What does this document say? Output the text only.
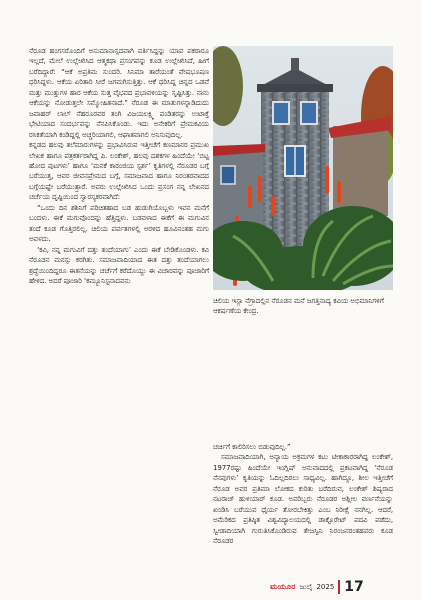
ನೆರೂಡ ಹಂಗಸರೊಂದಿಗೆ ಅನುಮಾನಾಸ್ಪದವಾಗಿ ವರ್ತಿಸಿದ್ದನ್ನು ಯಾವ ಪಕರಾರೂ ಇಲ್ಲದೆ, ಮೇಲೆ ಉಲ್ಲೇಖಿಸಿದ ಆತ್ಮಕಥಾ ಪ್ರಸಂಗವನ್ನು ಕೂಡ ಉಲ್ಲೇಖಿಸಿದೆ, ಹೀಗೆ ಬರೆದಿದ್ದಾರೆ: “ಆಕೆ ಅಪ್ರತಿಮ ಸುಂದರಿ. ಸಿನಿಮಾ ತಾರೆಯಂತೆ ವೇಷಭೂಷಣ ಧರಿಸಿದ್ದಳು. ಆಕೆಯ ಏರಿತಾರಿ ಸೀರೆ ಜಗಮಗಿಸುತ್ತಿತ್ತು. ಆಕೆ ಧರಿಸಿದ್ದ ಚಿನ್ನದ ಒಡವೆ ಮತ್ತು ಮುತ್ತುಗಳ ಹಾರ ಆಕೆಯ ಸುತ್ತ ವೈಭವದ ಪ್ರಭಾವಳಿಯನ್ನು ಸೃಷ್ಟಿಸಿತ್ತು. ನಾನು ಆಕೆಯನ್ನು ನೋಡುತ್ತಲೇ ಸಮ್ಮೋಹಿತನಾದೆ.” ನೆರೂಡ ಈ ಮಾತುಗಳನ್ನಾಡಿದುದು ಜವಾಹರ್ ಲಾಲ್ ನೆಹರೂರವರ ತಂಗಿ ವಿಜಯಲಕ್ಷ್ಮಿ ಪಂಡಿತರನ್ನು ಉಟಾಕ್ತೆ ಭೇಟಿಯಾದ ಸಂದರ್ಭವನ್ನು ನೆನಪಿಸಿಕೊಂಡು. ಇದು ಅನೇಕರಿಗೆ ಪ್ರೇಮಕವಿಯ ರಸಿಕತೆಯಾಗಿ ಕಂಡಿದ್ದಲ್ಲಿ ಅಚ್ಚರಿಯಾಗಲಿ, ಆಘಾತವಾಗಲಿ ಅನಿಸುವುದಿಲ್ಲ.

ಕನ್ನಡದ ಹಲವು ತಲೆಮಾರುಗಳನ್ನು ಪ್ರಭಾವಿಸಿರುವ ಇತ್ತೀಚೆಗೆ ಕಣಮಾನರ ಪ್ರಮುಖ ಲೇಖಕ ಹಾಗೂ ಪತ್ರಕರ್ತರಾಗಿದ್ದ ಪಿ. ಲಂಕೇಶ್, ಹಲವು ದಶಕಗಳ ಹಿಂದೆಯೇ ‘ಬಿಟ್ಟ ಹೋದ ಪುಟಗಳು’ ಹಾಗೂ ‘ಮನಕೆ ಕಾರಂಜಿಯ ಸ್ಪರ್ಶ’ ಕೃತಿಗಳಲ್ಲಿ ನೆರೂಡರ ಬಗ್ಗೆ ಬರೆಯುತ್ತ, ಆವರ ಜೀವನಪ್ರೇಮದ ಬಗ್ಗೆ, ಸಮಾಜವಾದ ಹಾಗೂ ನಿರಂತರವಾದದ ಬಗ್ಗೆಯಷ್ಟೇ ಬರೆಯುತ್ತಾರೆ. ಅವರು ಉಲ್ಲೇಖಿಸಿದ ಒಂದು ಪ್ರಸಂಗ ನನ್ನ ಲೇಖನದ ಚರ್ಚೆಯ ದೃಷ್ಟಿಯಿಂದ ಸ್ವಾರಸ್ಯಕರವಾಗಿದೆ:

“ಒಂದು ದಿನ ಶಶಿನಿಗೆ ಪರಿಚಿತಹಾದ ಬಡ ಹುಡುಗಿಯೊಬ್ಬಳು ಇವನ ಮನೆಗೆ ಬಂದಳು. ಈಕೆ ಮಗುವೊಂದನ್ನು ಹೆತ್ತಿದ್ದಳು. ಬಡವಳಾದ ಈಕೆಗೆ ಈ ಮಗುವಿನ ತಂದೆ ಕೂಡ ಗೊತ್ತಿರಲಿಲ್ಲ. ಚಿಲಿಯ ಪರ್ವತಗಳಲ್ಲಿ ಅರಳಿದ ಹೂವಿನಂತಹ ಮಗು ಅವಳದು.

‘ಕವಿ, ನನ್ನ ಮಗುವಿಗೆ ದತ್ತು ತಂದೆಯಾಗು’ ಎಂದು ಈಕೆ ಬೇಡಿಕೊಂಡಳು. ಕವಿ ನೆರೂಡನ ಮನಸ್ಸು ಕರಗಿತು. ಸಮಾಜವಾದಿಯಾದ ಈತ ದತ್ತು ತಂದೆಯಾಗಲು ಶ್ರದ್ಧೆಯಿಂದಿದ್ದರೂ ಈತನೆಯನ್ನು ಚರ್ಚೆಗೆ ಕರೆದೊಯ್ದು ಈ ವಿಚಾರವನ್ನು ಪೂಜಾರಿಗೆ ಹೇಳಿದ. ಅದರೆ ಪೂಜಾರಿ ‘ಕಮ್ಯೂನಿಸ್ಟನಾದವನು

ಚಿಲಿಯ ಇಸ್ಲಾ ನೆಗ್ರಾದಲ್ಲಿನ ನೆರೂಡನ ಮನೆ ಜಗತ್ತಿನಾದ್ಯ ಕವಿಯ ಅಭಿಮಾನಿಗಳಿಗೆ ಆಕರ್ಷಣೆಯ ಕೇಂದ್ರ.

ಚರ್ಚಿಗೆ ಕಾಲಿರಿಸಲು ಬಿಡುವುದಿಲ್ಲ.”

ಸಮಾಜವಾದಿಯಾಗಿ, ಅನ್ಯಾಯ ಅಕ್ರಮಗಳ ಕಟು ಟೀಕಾಕಾರರಾಗಿದ್ದ ಲಂಕೇಶ್, 1977ರಷ್ಟು ಹಿಂದೆಯೇ ಇಂಗ್ಲಿಷ್ ಅನುವಾದದಲ್ಲಿ ಪ್ರಕಟವಾಗಿದ್ದ ‘ನೆರೂಡ ನೆನಪುಗಳು’ ಕೃತಿಯನ್ನು ಓದಿಲ್ಲದಿರಲು ಸಾಧ್ಯವಿಲ್ಲ. ಹಾಗಿದ್ದೂ, ಶೀಲ ಇತ್ತೀಚೆಗೆ ನೆರೂಡ ಅವರ ಪ್ರತಿಮಾ ಲೋಕದ ಕುರಿತು ಬರೆದಿರುವ, ಲಂಕೇಶ್ ಶಿಷ್ಯರಾದ ನಟರಾಜ್ ಹುಳಿಯಾರ್ ಕೂಡ. ಅವರಿಬ್ಬರು ನೆರೂಡರ ಅಶ್ಲೀಲ ವರ್ಣನೆಯನ್ನು ಖಂಡಿಸಿ ಬರೆಯುವ ಧೈರ್ಯ ತೋರಬೇಕಿತ್ತು ಎಂಬ ನಿರೀಕ್ಷೆ ನನಗಿಲ್ಲ. ಆದರೆ, ಅಮೆರಿಕದ ಪ್ರತಿಷ್ಠಿತ ವಿಶ್ವವಿದ್ಯಾಲಯದಲ್ಲಿ ಡಾಕ್ಟೊರೇಟ್ ಪದವಿ ಪಡೆದು, ಸ್ವೀಡಾದಿಯಾಗಿ ಗುರುತಿಸಿಕೊಂಡಿರುವ ತೇಜಸ್ವಿನಿ ನಿರಂಜನರಂತಹವರು ಕೂಡ ನೆರೂಡರ

ಮಯೂರ ಜುಲೈ 2025 17
